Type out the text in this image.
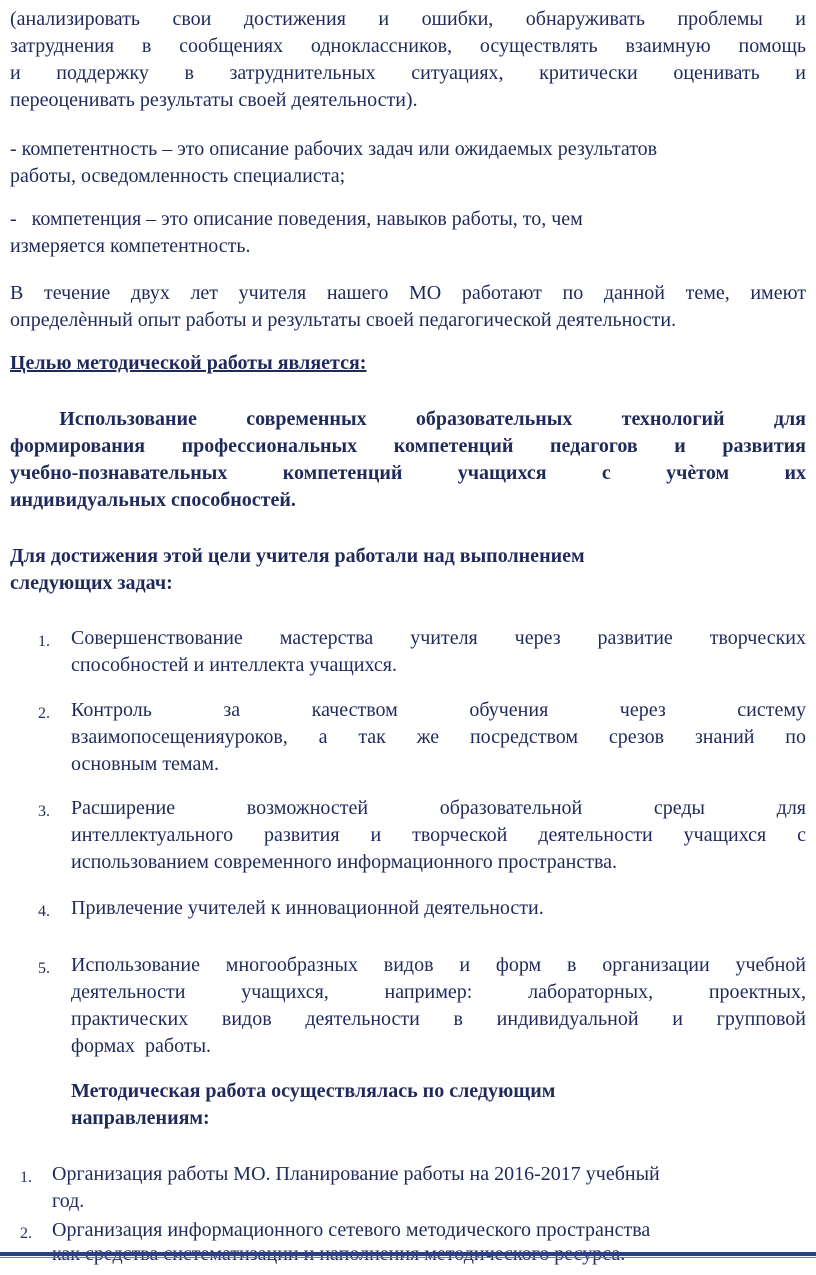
(анализировать свои достижения и ошибки, обнаруживать проблемы и
затруднения в сообщениях одноклассников, осуществлять взаимную помощь
и поддержку в затруднительных ситуациях, критически оценивать и
переоценивать результаты своей деятельности).

- компетентность – это описание рабочих задач или ожидаемых результатов
работы, осведомленность специалиста;

-   компетенция – это описание поведения, навыков работы, то, чем
измеряется компетентность.

В течение двух лет учителя нашего МО работают по данной теме, имеют
определѐнный опыт работы и результаты своей педагогической деятельности.

Целью методической работы является:

Использование современных образовательных технологий для
формирования профессиональных компетенций педагогов и развития
учебно-познавательных компетенций учащихся с учѐтом их
индивидуальных способностей.

Для достижения этой цели учителя работали над выполнением
следующих задач:

1. Совершенствование мастерства учителя через развитие творческих
способностей и интеллекта учащихся.
2. Контроль за качеством обучения через систему
взаимопосещенияуроков, а так же посредством срезов знаний по
основным темам.
3. Расширение возможностей образовательной среды для
интеллектуального развития и творческой деятельности учащихся с
использованием современного информационного пространства.
4. Привлечение учителей к инновационной деятельности.
5. Использование многообразных видов и форм в организации учебной
деятельности учащихся, например: лабораторных, проектных,
практических видов деятельности в индивидуальной и групповой
формах  работы.

Методическая работа осуществлялась по следующим
направлениям:

1. Организация работы МО. Планирование работы на 2016-2017 учебный
год.
2. Организация информационного сетевого методического пространства
